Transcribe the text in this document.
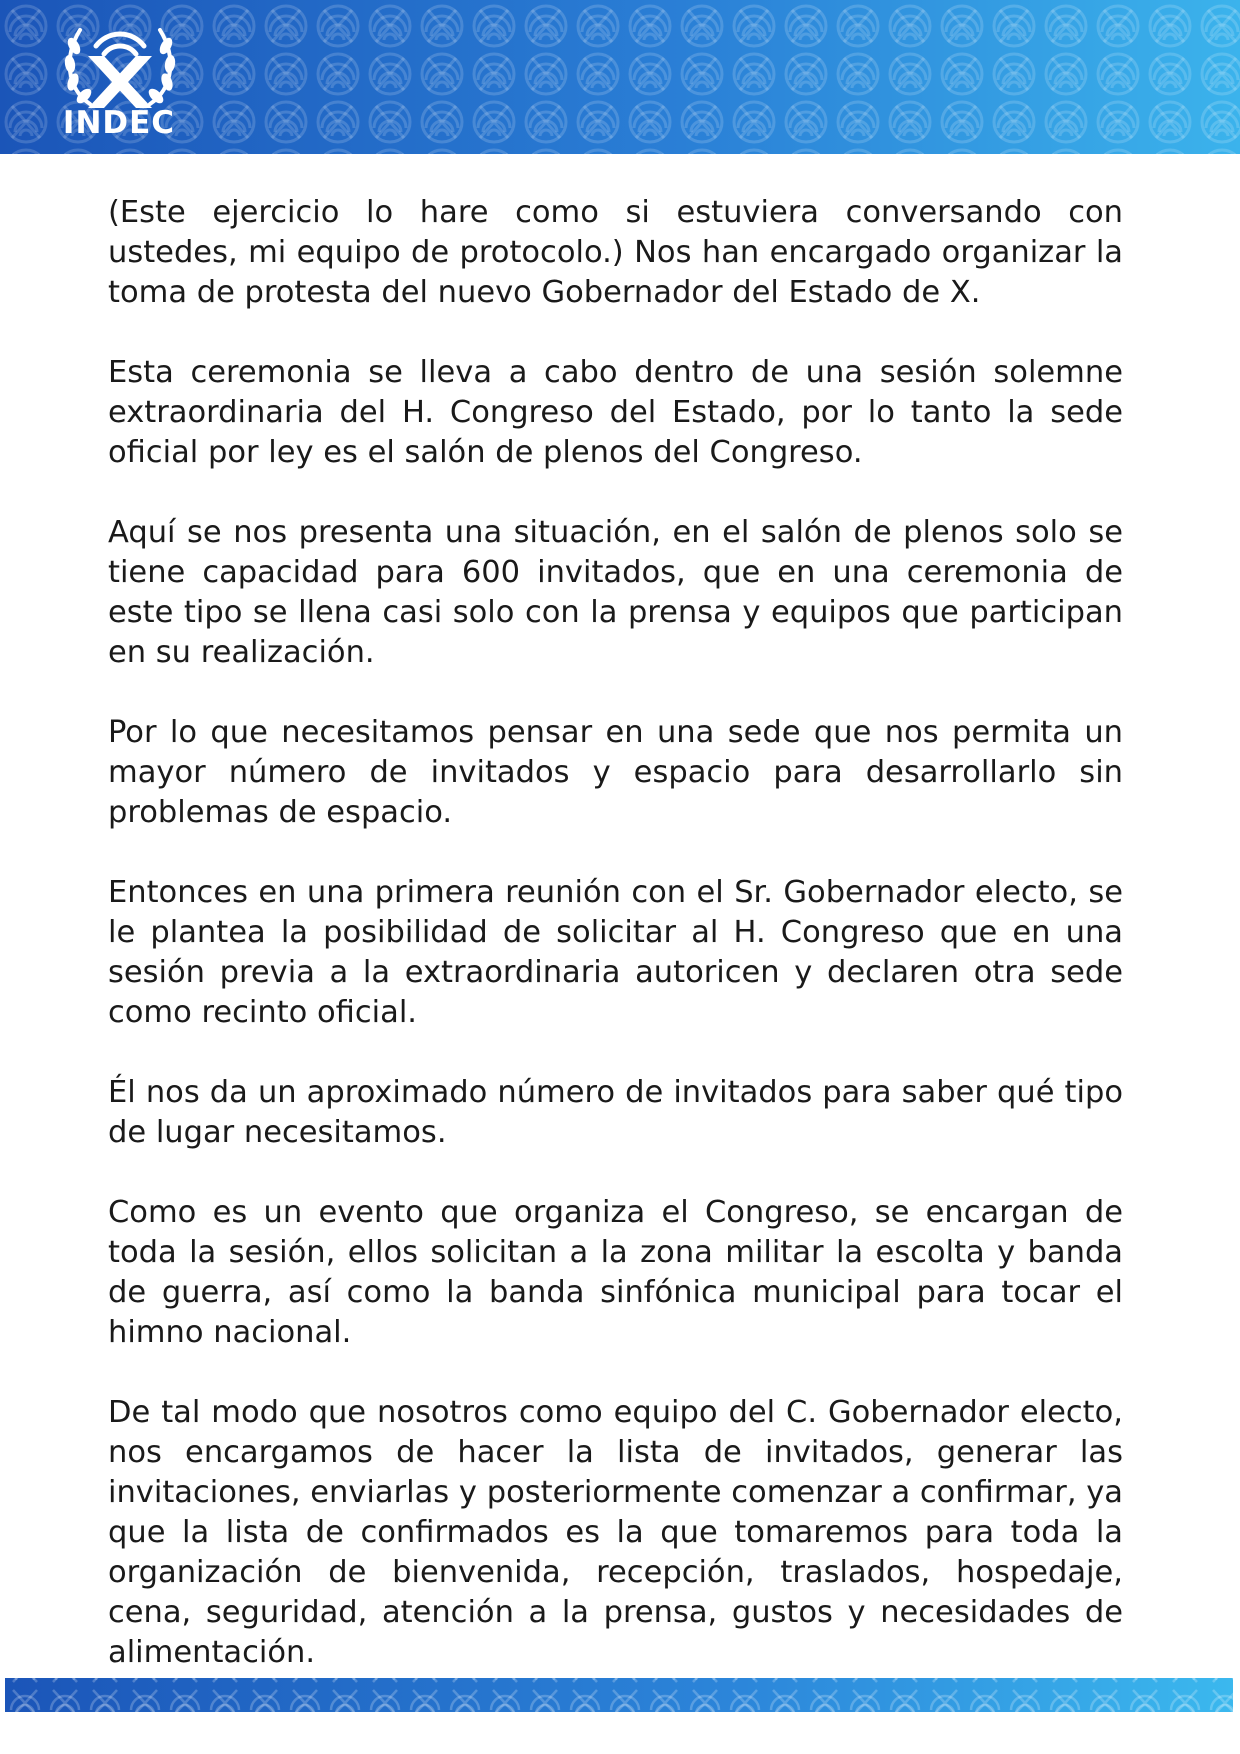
INDEC

(Este ejercicio lo hare como si estuviera conversando con ustedes, mi equipo de protocolo.) Nos han encargado organizar la toma de protesta del nuevo Gobernador del Estado de X.

Esta ceremonia se lleva a cabo dentro de una sesión solemne extraordinaria del H. Congreso del Estado, por lo tanto la sede oficial por ley es el salón de plenos del Congreso.

Aquí se nos presenta una situación, en el salón de plenos solo se tiene capacidad para 600 invitados, que en una ceremonia de este tipo se llena casi solo con la prensa y equipos que participan en su realización.

Por lo que necesitamos pensar en una sede que nos permita un mayor número de invitados y espacio para desarrollarlo sin problemas de espacio.

Entonces en una primera reunión con el Sr. Gobernador electo, se le plantea la posibilidad de solicitar al H. Congreso que en una sesión previa a la extraordinaria autoricen y declaren otra sede como recinto oficial.

Él nos da un aproximado número de invitados para saber qué tipo de lugar necesitamos.

Como es un evento que organiza el Congreso, se encargan de toda la sesión, ellos solicitan a la zona militar la escolta y banda de guerra, así como la banda sinfónica municipal para tocar el himno nacional.

De tal modo que nosotros como equipo del C. Gobernador electo, nos encargamos de hacer la lista de invitados, generar las invitaciones, enviarlas y posteriormente comenzar a confirmar, ya que la lista de confirmados es la que tomaremos para toda la organización de bienvenida, recepción, traslados, hospedaje, cena, seguridad, atención a la prensa, gustos y necesidades de alimentación.
